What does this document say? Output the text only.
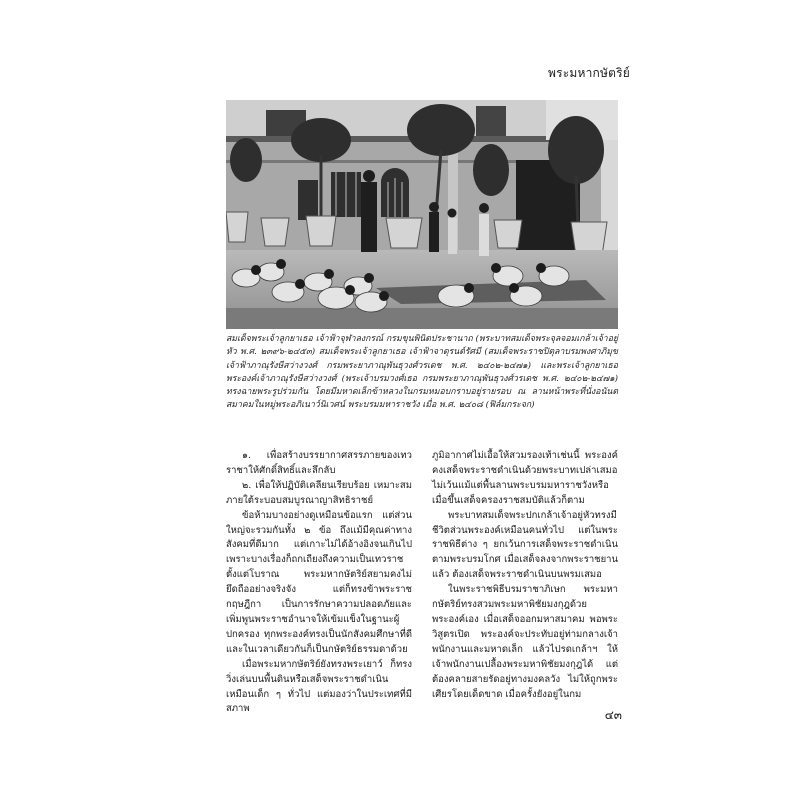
พระมหากษัตริย์
สมเด็จพระเจ้าลูกยาเธอ เจ้าฟ้าจุฬาลงกรณ์ กรมขุนพินิตประชานาถ (พระบาทสมเด็จพระจุลจอมเกล้าเจ้าอยู่หัว พ.ศ. ๒๓๙๖-๒๔๕๓) สมเด็จพระเจ้าลูกยาเธอ เจ้าฟ้าจาตุรนต์รัศมี (สมเด็จพระราชปิตุลาบรมพงศาภิมุข เจ้าฟ้าภาณุรังษีสว่างวงศ์ กรมพระยาภาณุพันธุวงศ์วรเดช พ.ศ. ๒๔๐๒-๒๔๗๑) และพระเจ้าลูกยาเธอ พระองค์เจ้าภาณุรังษีสว่างวงศ์ (พระเจ้าบรมวงศ์เธอ กรมพระยาภาณุพันธุวงศ์วรเดช พ.ศ. ๒๔๐๒-๒๔๗๑) ทรงฉายพระรูปร่วมกัน โดยมีมหาดเล็กข้าหลวงในกรมหมอบกราบอยู่รายรอบ ณ ลานหน้าพระที่นั่งอนันตสมาคมในหมู่พระอภิเนาว์นิเวศน์ พระบรมมหาราชวัง เมื่อ พ.ศ. ๒๔๐๘ (ฟิล์มกระจก)

๑. เพื่อสร้างบรรยากาศสรรภายของเทวราชาให้ศักดิ์สิทธิ์และลึกลับ

๒. เพื่อให้ปฏิบัติเคลียนเรียบร้อย เหมาะสมภายใต้ระบอบสมบูรณาญาสิทธิราชย์

ข้อห้ามบางอย่างดูเหมือนข้อแรก แต่ส่วนใหญ่จะรวมกันทั้ง ๒ ข้อ ถึงแม้มีคุณค่าทางสังคมที่ดีมาก แต่เกาะไม่ได้อ้างอิงจนเกินไป เพราะบางเรื่องก็ถกเถียงถึงความเป็นเทวราชตั้งแต่โบราณ พระมหากษัตริย์สยามคงไม่ยึดถืออย่างจริงจัง แต่ก็ทรงข้าพระราชกฤษฎีกา เป็นการรักษาความปลอดภัยและเพิ่มพูนพระราชอำนาจให้เข้มแข็งในฐานะผู้ปกครอง ทุกพระองค์ทรงเป็นนักสังคมศึกษาที่ดีและในเวลาเดียวกันก็เป็นกษัตริย์ธรรมดาด้วย

เมื่อพระมหากษัตริย์ยังทรงพระเยาว์ ก็ทรงวิ่งเล่นบนพื้นดินหรือเสด็จพระราชดำเนินเหมือนเด็ก ๆ ทั่วไป แต่มองว่าในประเทศที่มีสภาพ

ภูมิอากาศไม่เอื้อให้สวมรองเท้าเช่นนี้ พระองค์คงเสด็จพระราชดำเนินด้วยพระบาทเปล่าเสมอ ไม่เว้นแม้แต่พื้นลานพระบรมมหาราชวังหรือเมื่อขึ้นเสด็จครองราชสมบัติแล้วก็ตาม

พระบาทสมเด็จพระปกเกล้าเจ้าอยู่หัวทรงมีชีวิตส่วนพระองค์เหมือนคนทั่วไป แต่ในพระราชพิธีต่าง ๆ ยกเว้นการเสด็จพระราชดำเนินตามพระบรมโกศ เมื่อเสด็จลงจากพระราชยานแล้ว ต้องเสด็จพระราชดำเนินบนพรมเสมอ

ในพระราชพิธีบรมราชาภิเษก พระมหากษัตริย์ทรงสวมพระมหาพิชัยมงกุฎด้วยพระองค์เอง เมื่อเสด็จออกมหาสมาคม พอพระวิสูตรเปิด พระองค์จะประทับอยู่ท่ามกลางเจ้าพนักงานและมหาดเล็ก แล้วไปรดเกล้าฯ ให้เจ้าพนักงานเปลื้องพระมหาพิชัยมงกุฎได้ แต่ต้องคลายสายรัดอยู่ทางมงคลวัง ไม่ให้ถูกพระเศียรโดยเด็ดขาด เมื่อครั้งยังอยู่ในกม

๔๓
